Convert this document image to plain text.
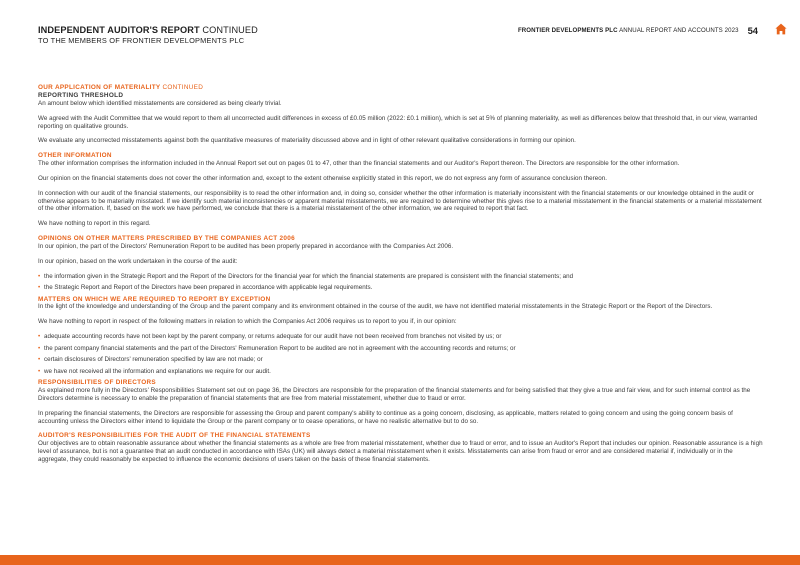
INDEPENDENT AUDITOR'S REPORT CONTINUED
TO THE MEMBERS OF FRONTIER DEVELOPMENTS PLC
FRONTIER DEVELOPMENTS PLC ANNUAL REPORT AND ACCOUNTS 2023 54
OUR APPLICATION OF MATERIALITY CONTINUED
REPORTING THRESHOLD

An amount below which identified misstatements are considered as being clearly trivial.

We agreed with the Audit Committee that we would report to them all uncorrected audit differences in excess of £0.05 million (2022: £0.1 million), which is set at 5% of planning materiality, as well as differences below that threshold that, in our view, warranted reporting on qualitative grounds.

We evaluate any uncorrected misstatements against both the quantitative measures of materiality discussed above and in light of other relevant qualitative considerations in forming our opinion.

OTHER INFORMATION

The other information comprises the information included in the Annual Report set out on pages 01 to 47, other than the financial statements and our Auditor's Report thereon. The Directors are responsible for the other information.

Our opinion on the financial statements does not cover the other information and, except to the extent otherwise explicitly stated in this report, we do not express any form of assurance conclusion thereon.

In connection with our audit of the financial statements, our responsibility is to read the other information and, in doing so, consider whether the other information is materially inconsistent with the financial statements or our knowledge obtained in the audit or otherwise appears to be materially misstated. If we identify such material inconsistencies or apparent material misstatements, we are required to determine whether this gives rise to a material misstatement in the financial statements or a material misstatement of the other information. If, based on the work we have performed, we conclude that there is a material misstatement of the other information, we are required to report that fact.

We have nothing to report in this regard.

OPINIONS ON OTHER MATTERS PRESCRIBED BY THE COMPANIES ACT 2006

In our opinion, the part of the Directors' Remuneration Report to be audited has been properly prepared in accordance with the Companies Act 2006.

In our opinion, based on the work undertaken in the course of the audit:

• the information given in the Strategic Report and the Report of the Directors for the financial year for which the financial statements are prepared is consistent with the financial statements; and
• the Strategic Report and Report of the Directors have been prepared in accordance with applicable legal requirements.
MATTERS ON WHICH WE ARE REQUIRED TO REPORT BY EXCEPTION

In the light of the knowledge and understanding of the Group and the parent company and its environment obtained in the course of the audit, we have not identified material misstatements in the Strategic Report or the Report of the Directors.

We have nothing to report in respect of the following matters in relation to which the Companies Act 2006 requires us to report to you if, in our opinion:

• adequate accounting records have not been kept by the parent company, or returns adequate for our audit have not been received from branches not visited by us; or
• the parent company financial statements and the part of the Directors' Remuneration Report to be audited are not in agreement with the accounting records and returns; or
• certain disclosures of Directors' remuneration specified by law are not made; or
• we have not received all the information and explanations we require for our audit.
RESPONSIBILITIES OF DIRECTORS

As explained more fully in the Directors' Responsibilities Statement set out on page 36, the Directors are responsible for the preparation of the financial statements and for being satisfied that they give a true and fair view, and for such internal control as the Directors determine is necessary to enable the preparation of financial statements that are free from material misstatement, whether due to fraud or error.

In preparing the financial statements, the Directors are responsible for assessing the Group and parent company's ability to continue as a going concern, disclosing, as applicable, matters related to going concern and using the going concern basis of accounting unless the Directors either intend to liquidate the Group or the parent company or to cease operations, or have no realistic alternative but to do so.

AUDITOR'S RESPONSIBILITIES FOR THE AUDIT OF THE FINANCIAL STATEMENTS

Our objectives are to obtain reasonable assurance about whether the financial statements as a whole are free from material misstatement, whether due to fraud or error, and to issue an Auditor's Report that includes our opinion. Reasonable assurance is a high level of assurance, but is not a guarantee that an audit conducted in accordance with ISAs (UK) will always detect a material misstatement when it exists. Misstatements can arise from fraud or error and are considered material if, individually or in the aggregate, they could reasonably be expected to influence the economic decisions of users taken on the basis of these financial statements.
